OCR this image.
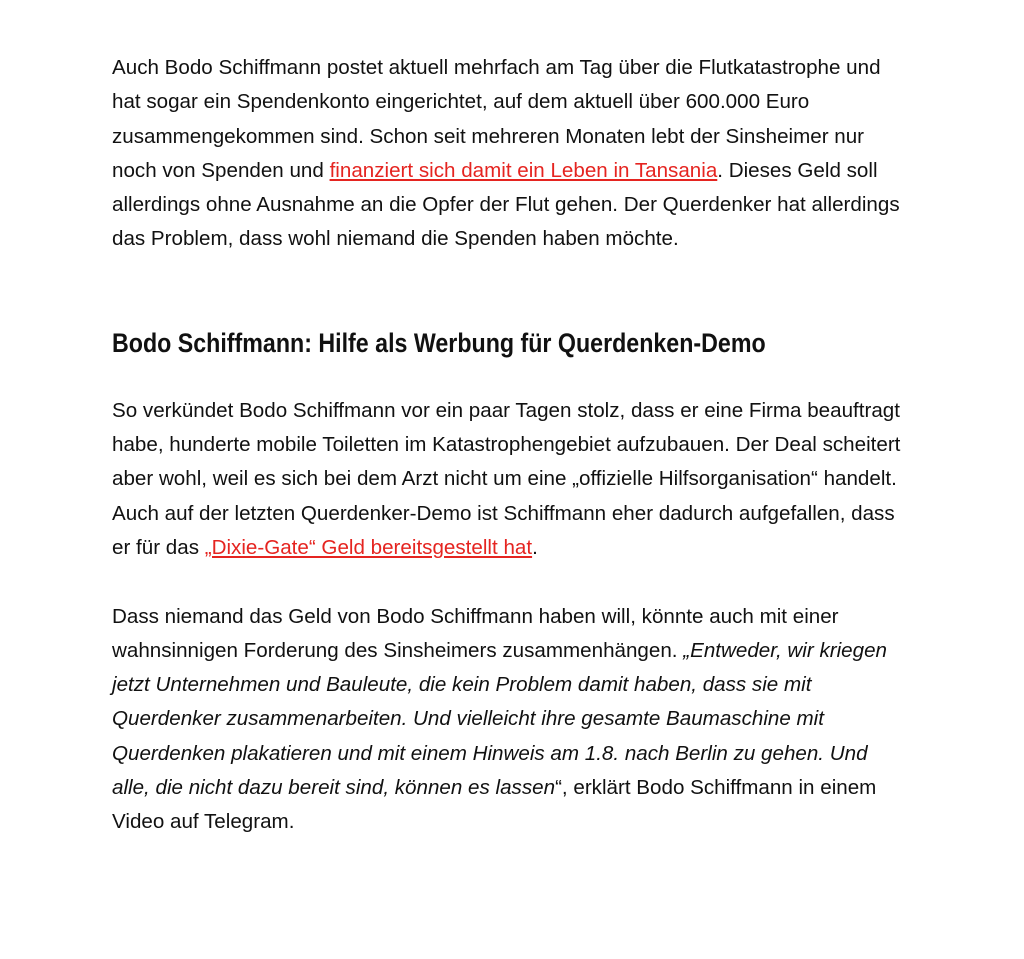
Auch Bodo Schiffmann postet aktuell mehrfach am Tag über die Flutkatastrophe und hat sogar ein Spendenkonto eingerichtet, auf dem aktuell über 600.000 Euro zusammengekommen sind. Schon seit mehreren Monaten lebt der Sinsheimer nur noch von Spenden und finanziert sich damit ein Leben in Tansania. Dieses Geld soll allerdings ohne Ausnahme an die Opfer der Flut gehen. Der Querdenker hat allerdings das Problem, dass wohl niemand die Spenden haben möchte.

Bodo Schiffmann: Hilfe als Werbung für Querdenken-Demo

So verkündet Bodo Schiffmann vor ein paar Tagen stolz, dass er eine Firma beauftragt habe, hunderte mobile Toiletten im Katastrophengebiet aufzubauen. Der Deal scheitert aber wohl, weil es sich bei dem Arzt nicht um eine „offizielle Hilfsorganisation“ handelt. Auch auf der letzten Querdenker-Demo ist Schiffmann eher dadurch aufgefallen, dass er für das „Dixie-Gate“ Geld bereitsgestellt hat.

Dass niemand das Geld von Bodo Schiffmann haben will, könnte auch mit einer wahnsinnigen Forderung des Sinsheimers zusammenhängen. „Entweder, wir kriegen jetzt Unternehmen und Bauleute, die kein Problem damit haben, dass sie mit Querdenker zusammenarbeiten. Und vielleicht ihre gesamte Baumaschine mit Querdenken plakatieren und mit einem Hinweis am 1.8. nach Berlin zu gehen. Und alle, die nicht dazu bereit sind, können es lassen“, erklärt Bodo Schiffmann in einem Video auf Telegram.
